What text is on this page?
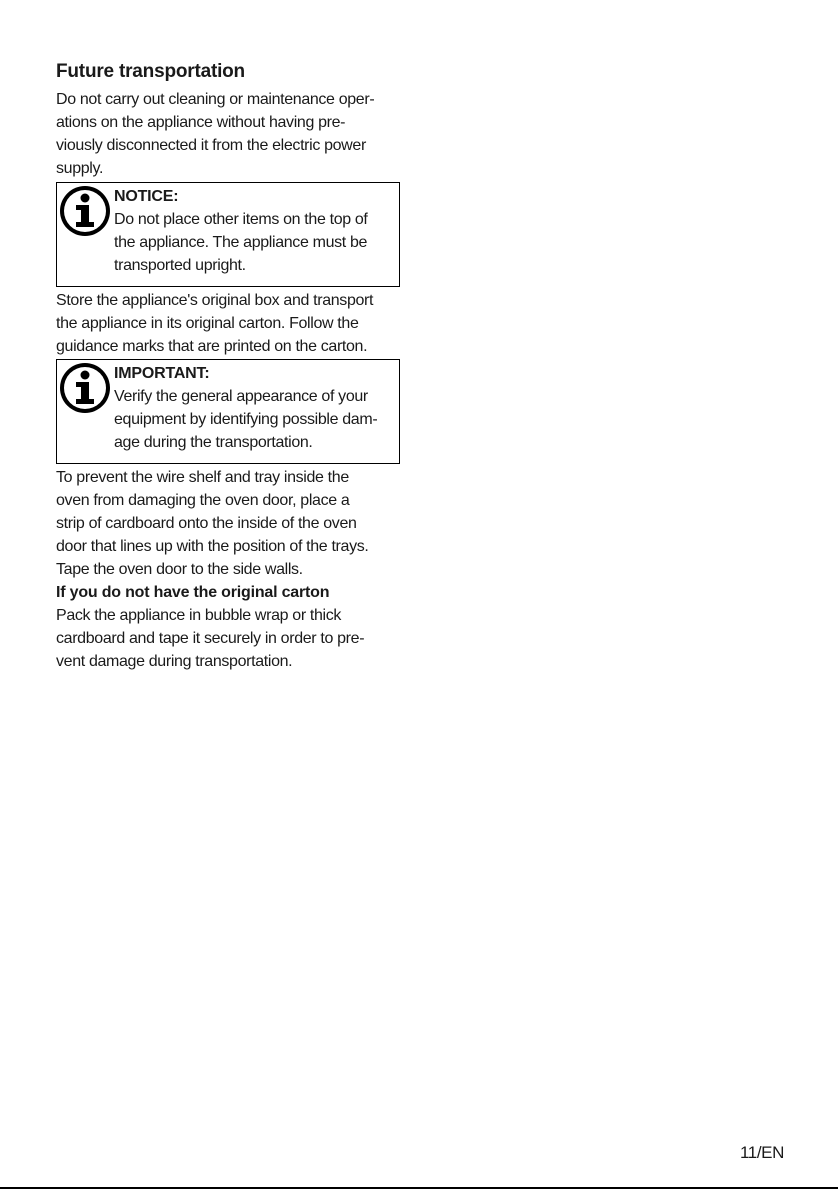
Future transportation

Do not carry out cleaning or maintenance oper-

ations on the appliance without having pre-

viously disconnected it from the electric power

supply.

NOTICE:

Do not place other items on the top of

the appliance. The appliance must be

transported upright.

Store the appliance's original box and transport

the appliance in its original carton. Follow the

guidance marks that are printed on the carton.

IMPORTANT:

Verify the general appearance of your

equipment by identifying possible dam-

age during the transportation.

To prevent the wire shelf and tray inside the

oven from damaging the oven door, place a

strip of cardboard onto the inside of the oven

door that lines up with the position of the trays.

Tape the oven door to the side walls.

If you do not have the original carton

Pack the appliance in bubble wrap or thick

cardboard and tape it securely in order to pre-

vent damage during transportation.

11/EN
